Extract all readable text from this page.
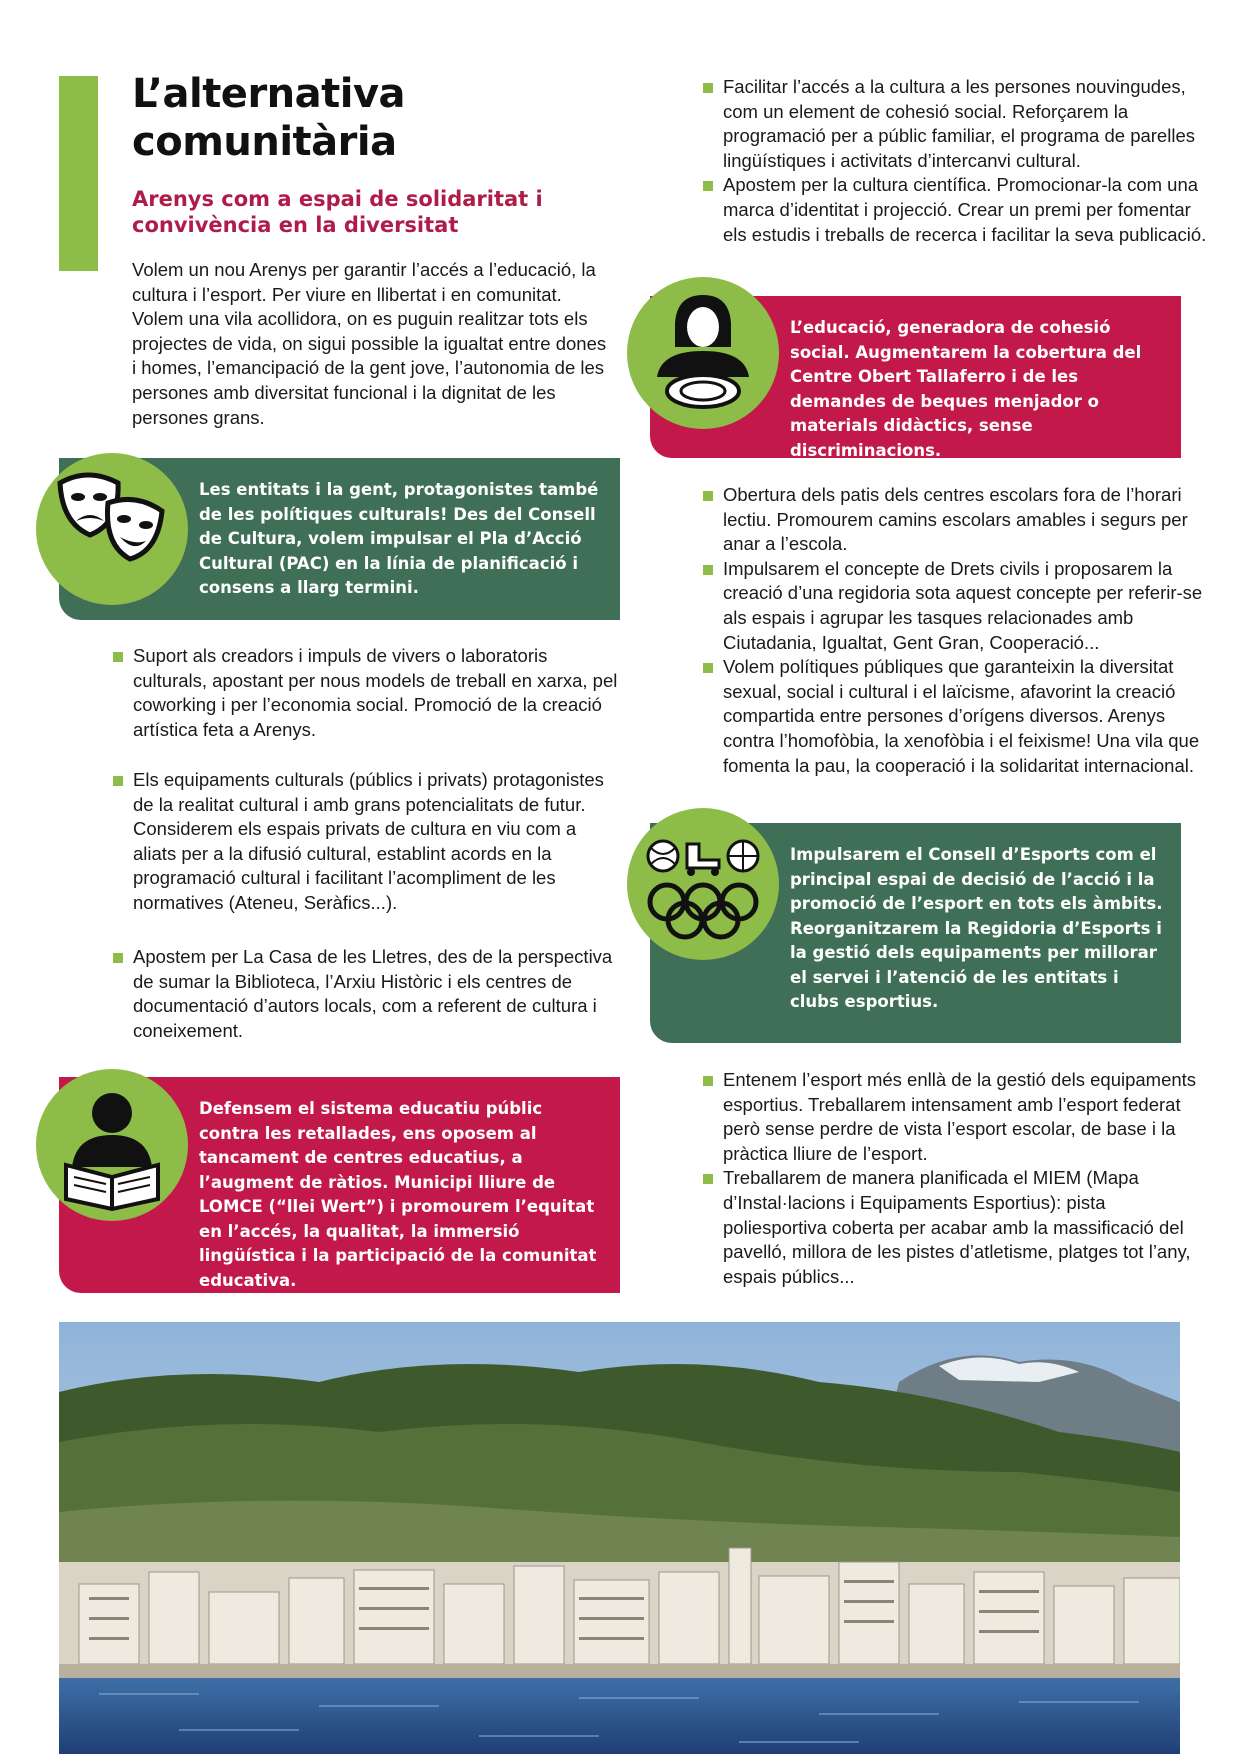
L’alternativa comunitària
Arenys com a espai de solidaritat i convivència en la diversitat
Volem un nou Arenys per garantir l’accés a l’educació, la cultura i l’esport. Per viure en llibertat i en comunitat. Volem una vila acollidora, on es puguin realitzar tots els projectes de vida, on sigui possible la igualtat entre dones i homes, l’emancipació de la gent jove, l’autonomia de les persones amb diversitat funcional i la dignitat de les persones grans.
Les entitats i la gent, protagonistes també de les polítiques culturals! Des del Consell de Cultura, volem impulsar el Pla d’Acció Cultural (PAC) en la línia de planificació i consens a llarg termini.
Suport als creadors i impuls de vivers o laboratoris culturals, apostant per nous models de treball en xarxa, pel coworking i per l’economia social. Promoció de la creació artística feta a Arenys.
Els equipaments culturals (públics i privats) protagonistes de la realitat cultural i amb grans potencialitats de futur. Considerem els espais privats de cultura en viu com a aliats per a la difusió cultural, establint acords en la programació cultural i facilitant l’acompliment de les normatives (Ateneu, Seràfics...).
Apostem per La Casa de les Lletres, des de la perspectiva de sumar la Biblioteca, l’Arxiu Històric i els centres de documentació d’autors locals, com a referent de cultura i coneixement.
Defensem el sistema educatiu públic contra les retallades, ens oposem al tancament de centres educatius, a l’augment de ràtios. Municipi lliure de LOMCE (“llei Wert”) i promourem l’equitat en l’accés, la qualitat, la immersió lingüística i la participació de la comunitat educativa.
Facilitar l’accés a la cultura a les persones nouvingudes, com un element de cohesió social. Reforçarem la programació per a públic familiar, el programa de parelles lingüístiques i activitats d’intercanvi cultural.
Apostem per la cultura científica. Promocionar-la com una marca d’identitat i projecció. Crear un premi per fomentar els estudis i treballs de recerca i facilitar la seva publicació.
L’educació, generadora de cohesió social. Augmentarem la cobertura del Centre Obert Tallaferro i de les demandes de beques menjador o materials didàctics, sense discriminacions.
Obertura dels patis dels centres escolars fora de l’horari lectiu. Promourem camins escolars amables i segurs per anar a l’escola.
Impulsarem el concepte de Drets civils i proposarem la creació d’una regidoria sota aquest concepte per referir-se als espais i agrupar les tasques relacionades amb Ciutadania, Igualtat, Gent Gran, Cooperació...
Volem polítiques públiques que garanteixin la diversitat sexual, social i cultural i el laïcisme, afavorint la creació compartida entre persones d’orígens diversos. Arenys contra l’homofòbia, la xenofòbia i el feixisme! Una vila que fomenta la pau, la cooperació i la solidaritat internacional.
Impulsarem el Consell d’Esports com el principal espai de decisió de l’acció i la promoció de l’esport en tots els àmbits. Reorganitzarem la Regidoria d’Esports i la gestió dels equipaments per millorar el servei i l’atenció de les entitats i clubs esportius.
Entenem l’esport més enllà de la gestió dels equipaments esportius. Treballarem intensament amb l’esport federat però sense perdre de vista l’esport escolar, de base i la pràctica lliure de l’esport.
Treballarem de manera planificada el MIEM (Mapa d’Instal·lacions i Equipaments Esportius): pista poliesportiva coberta per acabar amb la massificació del pavelló, millora de les pistes d’atletisme, platges tot l’any, espais públics...
